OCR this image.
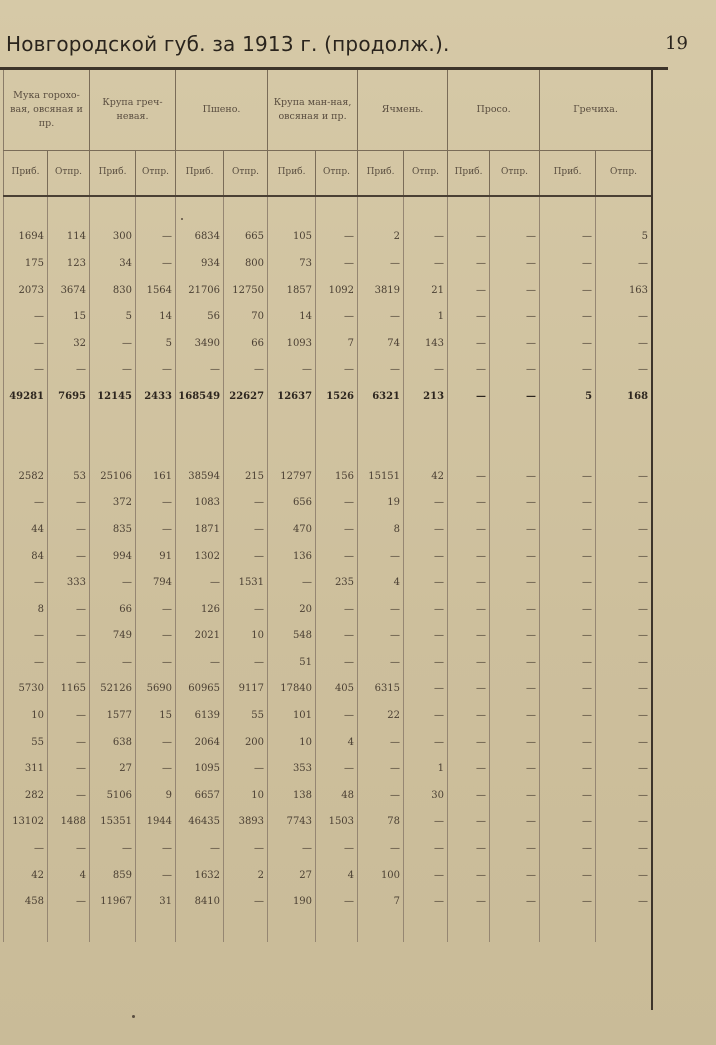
Новгородской губ. за 1913 г. (продолж.).	19
Мука горохо-вая, овсяная и пр.		Крупа греч-невая.		Пшено.		Крупа ман-ная, овсяная и пр.		Ячмень.		Просо.		Гречиха.	
Приб.	Отпр.	Приб.	Отпр.	Приб.	Отпр.	Приб.	Отпр.	Приб.	Отпр.	Приб.	Отпр.	Приб.	Отпр.

1694	114	300	—	6834	665	105	—	2	—	—	—	—	5
175	123	34	—	934	800	73	—	—	—	—	—	—	—
2073	3674	830	1564	21706	12750	1857	1092	3819	21	—	—	—	163
—	15	5	14	56	70	14	—	—	1	—	—	—	—
—	32	—	5	3490	66	1093	7	74	143	—	—	—	—
—	—	—	—	—	—	—	—	—	—	—	—	—	—
49281	7695	12145	2433	168549	22627	12637	1526	6321	213	—	—	5	168

2582	53	25106	161	38594	215	12797	156	15151	42	—	—	—	—
—	—	372	—	1083	—	656	—	19	—	—	—	—	—
44	—	835	—	1871	—	470	—	8	—	—	—	—	—
84	—	994	91	1302	—	136	—	—	—	—	—	—	—
—	333	—	794	—	1531	—	235	4	—	—	—	—	—
8	—	66	—	126	—	20	—	—	—	—	—	—	—
—	—	749	—	2021	10	548	—	—	—	—	—	—	—
—	—	—	—	—	—	51	—	—	—	—	—	—	—
5730	1165	52126	5690	60965	9117	17840	405	6315	—	—	—	—	—
10	—	1577	15	6139	55	101	—	22	—	—	—	—	—
55	—	638	—	2064	200	10	4	—	—	—	—	—	—
311	—	27	—	1095	—	353	—	—	1	—	—	—	—
282	—	5106	9	6657	10	138	48	—	30	—	—	—	—
13102	1488	15351	1944	46435	3893	7743	1503	78	—	—	—	—	—
—	—	—	—	—	—	—	—	—	—	—	—	—	—
42	4	859	—	1632	2	27	4	100	—	—	—	—	—
458	—	11967	31	8410	—	190	—	7	—	—	—	—	—
